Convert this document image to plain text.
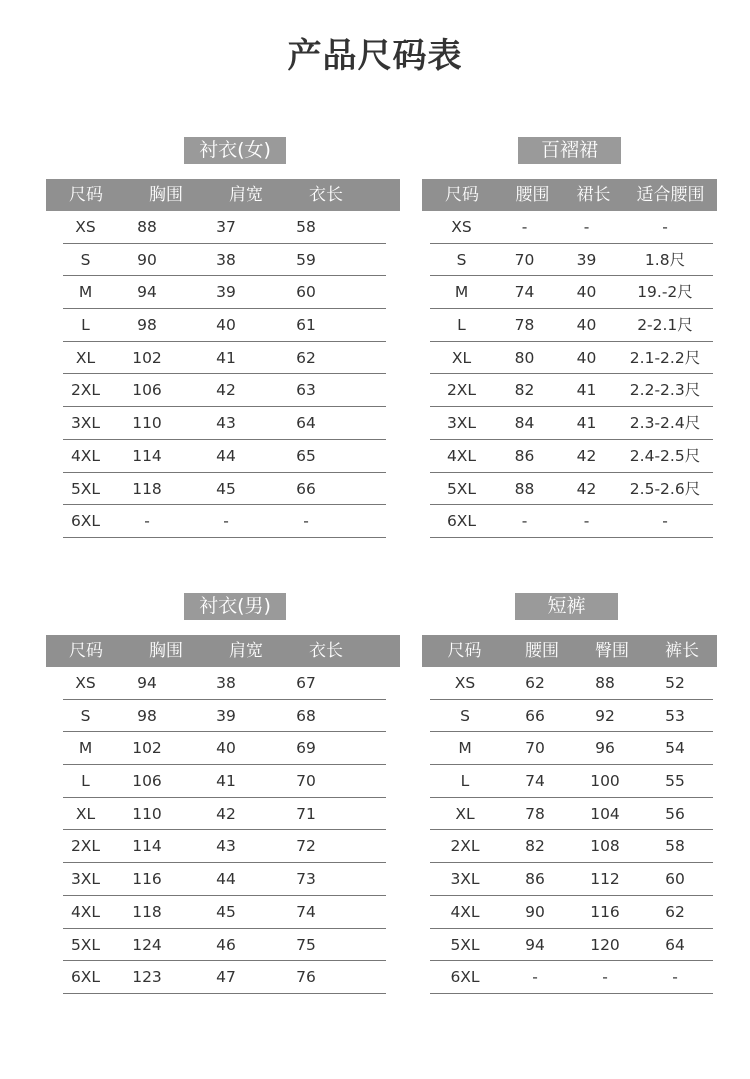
产品尺码表
衬衣(女)
尺码	胸围	肩宽	衣长
XS	88	37	58
S	90	38	59
M	94	39	60
L	98	40	61
XL	102	41	62
2XL	106	42	63
3XL	110	43	64
4XL	114	44	65
5XL	118	45	66
6XL	-	-	-
百褶裙
尺码	腰围	裙长	适合腰围
XS	-	-	-
S	70	39	1.8尺
M	74	40	19.-2尺
L	78	40	2-2.1尺
XL	80	40	2.1-2.2尺
2XL	82	41	2.2-2.3尺
3XL	84	41	2.3-2.4尺
4XL	86	42	2.4-2.5尺
5XL	88	42	2.5-2.6尺
6XL	-	-	-
衬衣(男)
尺码	胸围	肩宽	衣长
XS	94	38	67
S	98	39	68
M	102	40	69
L	106	41	70
XL	110	42	71
2XL	114	43	72
3XL	116	44	73
4XL	118	45	74
5XL	124	46	75
6XL	123	47	76
短裤
尺码	腰围	臀围	裤长
XS	62	88	52
S	66	92	53
M	70	96	54
L	74	100	55
XL	78	104	56
2XL	82	108	58
3XL	86	112	60
4XL	90	116	62
5XL	94	120	64
6XL	-	-	-
